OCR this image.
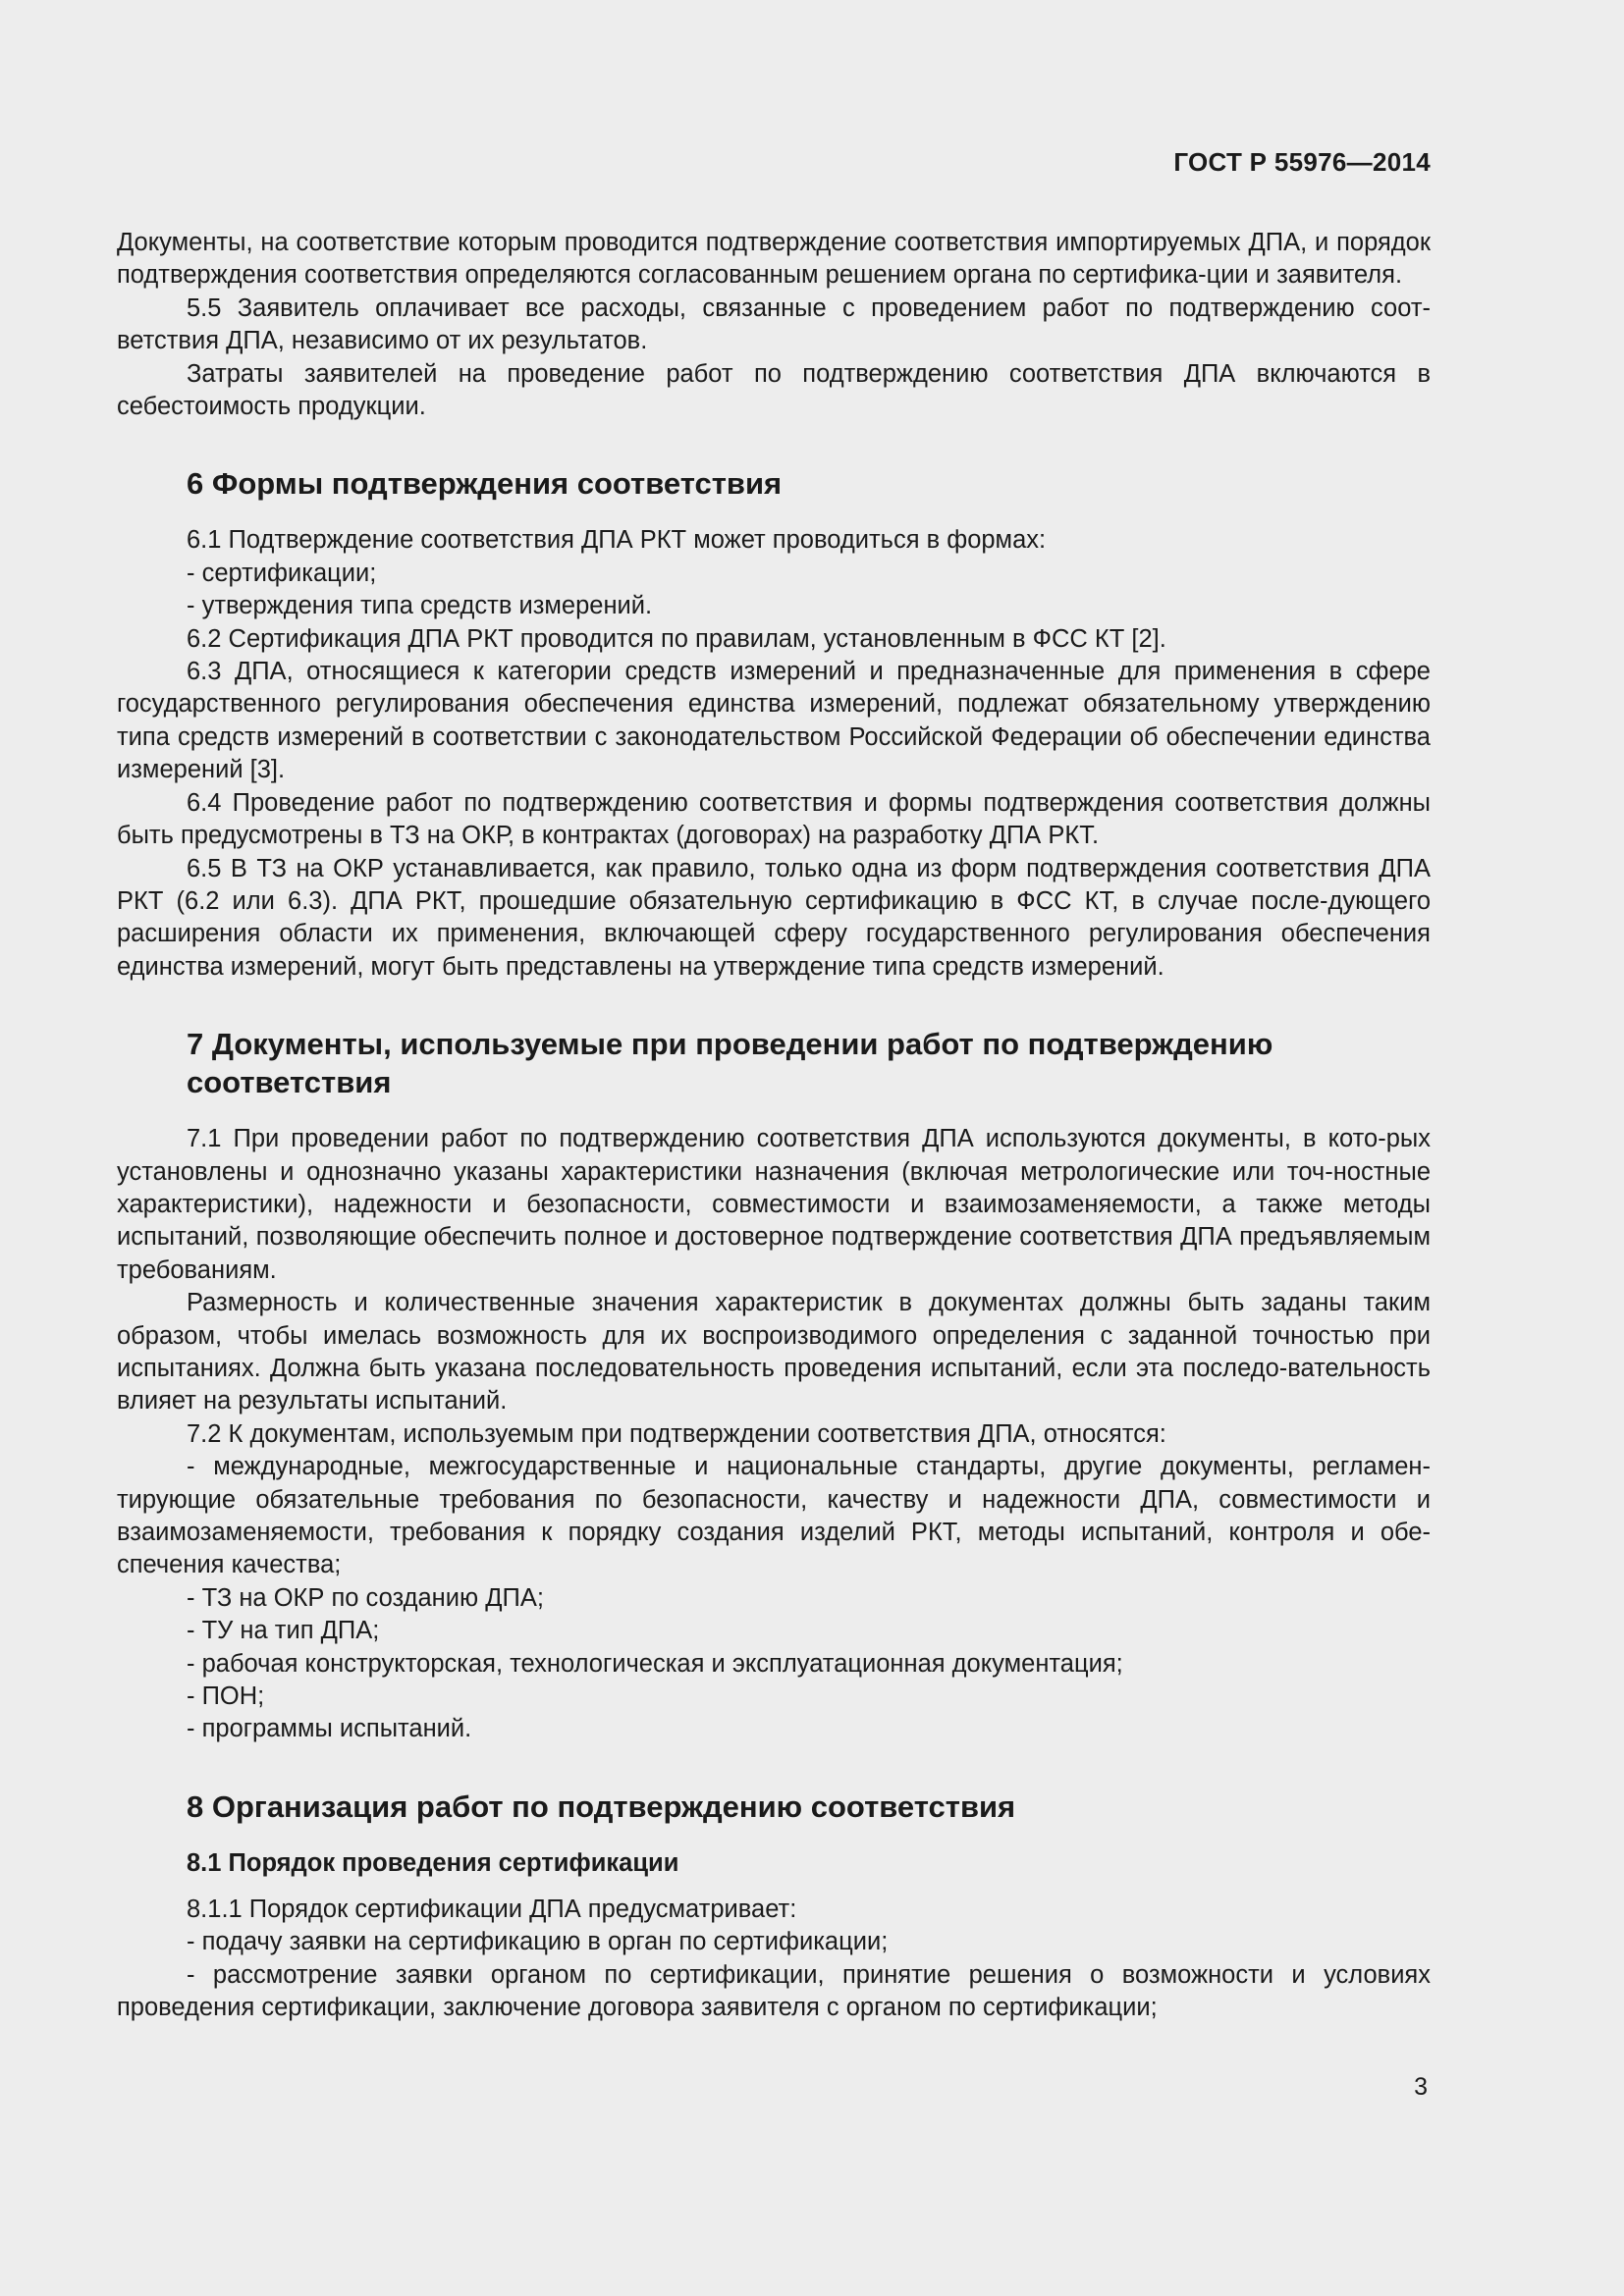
ГОСТ Р 55976—2014
Документы, на соответствие которым проводится подтверждение соответствия импортируемых ДПА, и порядок подтверждения соответствия определяются согласованным решением органа по сертифика-ции и заявителя.
5.5 Заявитель оплачивает все расходы, связанные с проведением работ по подтверждению соот-ветствия ДПА, независимо от их результатов.
Затраты заявителей на проведение работ по подтверждению соответствия ДПА включаются в себестоимость продукции.
6 Формы подтверждения соответствия
6.1 Подтверждение соответствия ДПА РКТ может проводиться в формах:
- сертификации;
- утверждения типа средств измерений.
6.2 Сертификация ДПА РКТ проводится по правилам, установленным в ФСС КТ [2].
6.3 ДПА, относящиеся к категории средств измерений и предназначенные для применения в сфере государственного регулирования обеспечения единства измерений, подлежат обязательному утверждению типа средств измерений в соответствии с законодательством Российской Федерации об обеспечении единства измерений [3].
6.4 Проведение работ по подтверждению соответствия и формы подтверждения соответствия должны быть предусмотрены в ТЗ на ОКР, в контрактах (договорах) на разработку ДПА РКТ.
6.5 В ТЗ на ОКР устанавливается, как правило, только одна из форм подтверждения соответствия ДПА РКТ (6.2 или 6.3). ДПА РКТ, прошедшие обязательную сертификацию в ФСС КТ, в случае после-дующего расширения области их применения, включающей сферу государственного регулирования обеспечения единства измерений, могут быть представлены на утверждение типа средств измерений.
7 Документы, используемые при проведении работ по подтверждению соответствия
7.1 При проведении работ по подтверждению соответствия ДПА используются документы, в кото-рых установлены и однозначно указаны характеристики назначения (включая метрологические или точ-ностные характеристики), надежности и безопасности, совместимости и взаимозаменяемости, а также методы испытаний, позволяющие обеспечить полное и достоверное подтверждение соответствия ДПА предъявляемым требованиям.
Размерность и количественные значения характеристик в документах должны быть заданы таким образом, чтобы имелась возможность для их воспроизводимого определения с заданной точностью при испытаниях. Должна быть указана последовательность проведения испытаний, если эта последо-вательность влияет на результаты испытаний.
7.2 К документам, используемым при подтверждении соответствия ДПА, относятся:
- международные, межгосударственные и национальные стандарты, другие документы, регламен-тирующие обязательные требования по безопасности, качеству и надежности ДПА, совместимости и взаимозаменяемости, требования к порядку создания изделий РКТ, методы испытаний, контроля и обе-спечения качества;
- ТЗ на ОКР по созданию ДПА;
- ТУ на тип ДПА;
- рабочая конструкторская, технологическая и эксплуатационная документация;
- ПОН;
- программы испытаний.
8 Организация работ по подтверждению соответствия
8.1 Порядок проведения сертификации
8.1.1 Порядок сертификации ДПА предусматривает:
- подачу заявки на сертификацию в орган по сертификации;
- рассмотрение заявки органом по сертификации, принятие решения о возможности и условиях проведения сертификации, заключение договора заявителя с органом по сертификации;
3
